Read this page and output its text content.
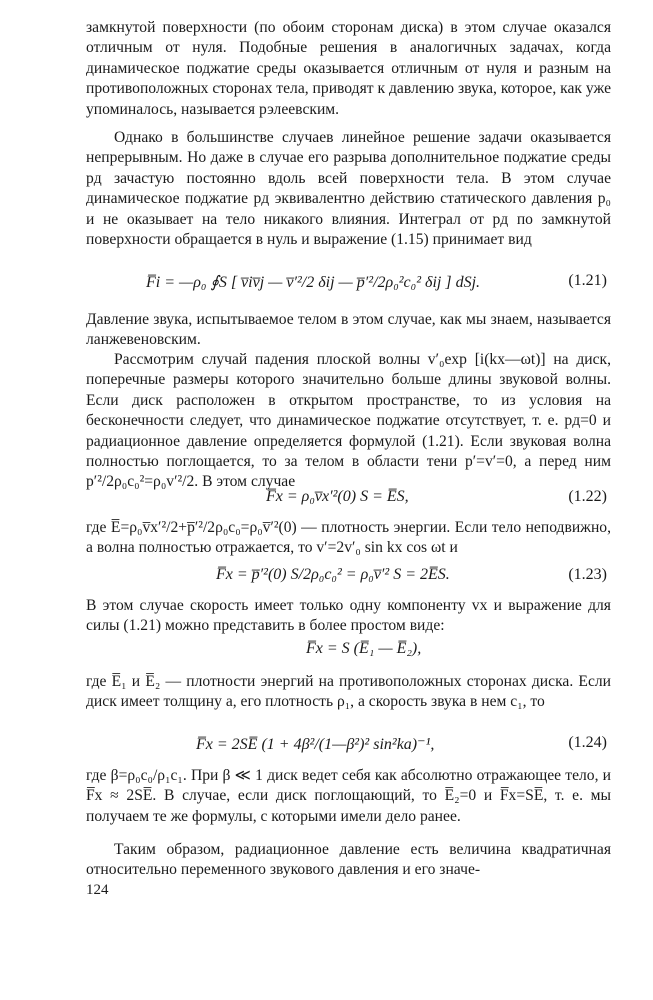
замкнутой поверхности (по обоим сторонам диска) в этом случае оказался отличным от нуля. Подобные решения в аналогичных задачах, когда динамическое поджатие среды оказывается отличным от нуля и разным на противоположных сторонах тела, приводят к давлению звука, которое, как уже упоминалось, называется рэлеевским.

Однако в большинстве случаев линейное решение задачи оказывается непрерывным. Но даже в случае его разрыва дополнительное поджатие среды pд зачастую постоянно вдоль всей поверхности тела. В этом случае динамическое поджатие pд эквивалентно действию статического давления p₀ и не оказывает на тело никакого влияния. Интеграл от pд по замкнутой поверхности обращается в нуль и выражение (1.15) принимает вид

F̅i = —ρ₀ ∮S [ v̅iv̅j — v̅′²/2 δij — p̅′²/2ρ₀²c₀² δij ] dSj.	(1.21)

Давление звука, испытываемое телом в этом случае, как мы знаем, называется ланжевеновским.

Рассмотрим случай падения плоской волны v′₀exp [i(kx—ωt)] на диск, поперечные размеры которого значительно больше длины звуковой волны. Если диск расположен в открытом пространстве, то из условия на бесконечности следует, что динамическое поджатие отсутствует, т. е. pд=0 и радиационное давление определяется формулой (1.21). Если звуковая волна полностью поглощается, то за телом в области тени p′=v′=0, а перед ним p′²/2ρ₀c₀²=ρ₀v′²/2. В этом случае

F̅x = ρ₀v̅x′²(0) S = E̅S,	(1.22)

где E̅=ρ₀v̅x′²/2+p̅′²/2ρ₀c₀=ρ₀v̅′²(0) — плотность энергии. Если тело неподвижно, а волна полностью отражается, то v′=2v′₀ sin kx cos ωt и

F̅x = p̅′²(0) S/2ρ₀c₀² = ρ₀v̅′² S = 2E̅S.	(1.23)

В этом случае скорость имеет только одну компоненту vx и выражение для силы (1.21) можно представить в более простом виде:

F̅x = S (E̅₁ — E̅₂),

где E̅₁ и E̅₂ — плотности энергий на противоположных сторонах диска. Если диск имеет толщину a, его плотность ρ₁, а скорость звука в нем c₁, то

F̅x = 2SE̅ (1 + 4β²/(1—β²)² sin²ka)⁻¹,	(1.24)

где β=ρ₀c₀/ρ₁c₁. При β ≪ 1 диск ведет себя как абсолютно отражающее тело, и F̅x ≈ 2SE̅. В случае, если диск поглощающий, то E̅₂=0 и F̅x=SE̅, т. е. мы получаем те же формулы, с которыми имели дело ранее.

Таким образом, радиационное давление есть величина квадратичная относительно переменного звукового давления и его значе-

124
